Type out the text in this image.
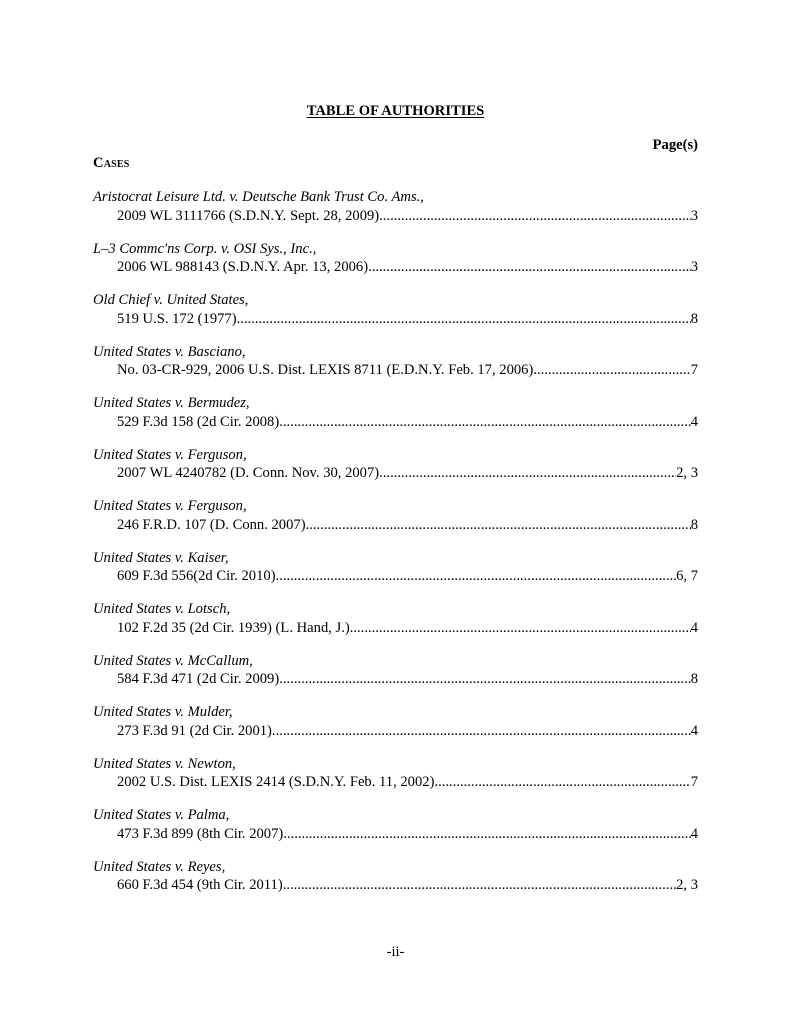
TABLE OF AUTHORITIES
Page(s)
Cases
Aristocrat Leisure Ltd. v. Deutsche Bank Trust Co. Ams.,
2009 WL 3111766 (S.D.N.Y. Sept. 28, 2009) .....	3
L–3 Commc'ns Corp. v. OSI Sys., Inc.,
2006 WL 988143 (S.D.N.Y. Apr. 13, 2006) .....	3
Old Chief v. United States,
519 U.S. 172 (1977) .....	8
United States v. Basciano,
No. 03-CR-929, 2006 U.S. Dist. LEXIS 8711 (E.D.N.Y. Feb. 17, 2006) .....	7
United States v. Bermudez,
529 F.3d 158 (2d Cir. 2008) .....	4
United States v. Ferguson,
2007 WL 4240782 (D. Conn. Nov. 30, 2007) .....	2, 3
United States v. Ferguson,
246 F.R.D. 107 (D. Conn. 2007) .....	8
United States v. Kaiser,
609 F.3d 556(2d Cir. 2010) .....	6, 7
United States v. Lotsch,
102 F.2d 35 (2d Cir. 1939) (L. Hand, J.) .....	4
United States v. McCallum,
584 F.3d 471 (2d Cir. 2009) .....	8
United States v. Mulder,
273 F.3d 91 (2d Cir. 2001) .....	4
United States v. Newton,
2002 U.S. Dist. LEXIS 2414 (S.D.N.Y. Feb. 11, 2002) .....	7
United States v. Palma,
473 F.3d 899 (8th Cir. 2007) .....	4
United States v. Reyes,
660 F.3d 454 (9th Cir. 2011) .....	2, 3
-ii-
